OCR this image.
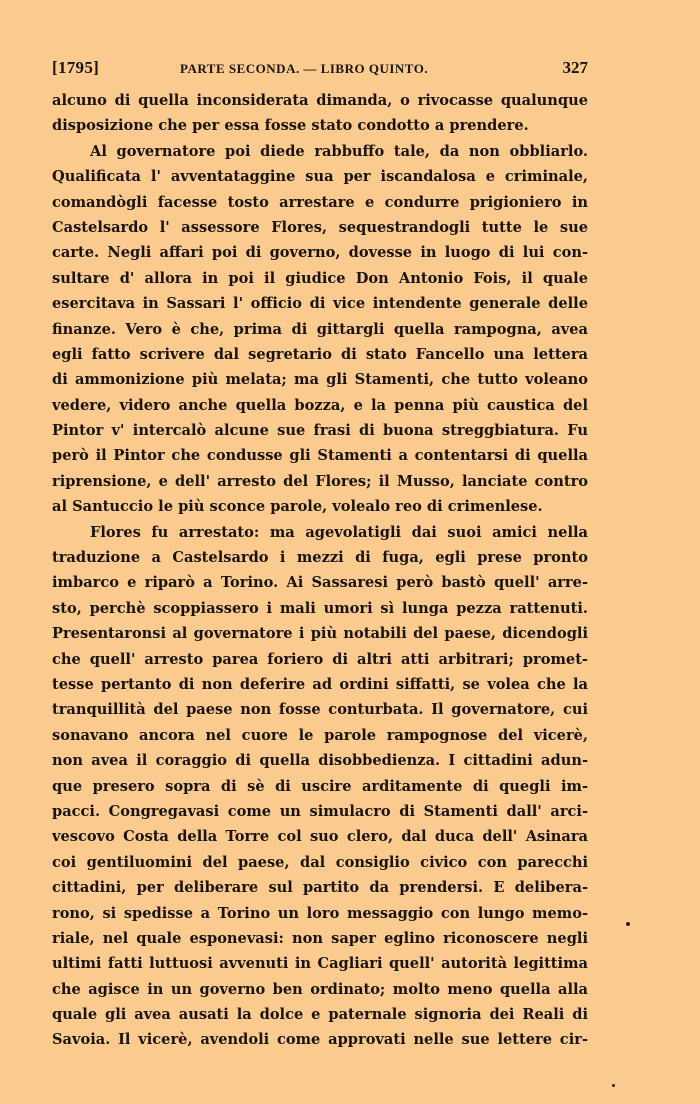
[1795]	PARTE SECONDA. — LIBRO QUINTO.	327
alcuno di quella inconsiderata dimanda, o rivocasse qualunque
disposizione che per essa fosse stato condotto a prendere.
Al governatore poi diede rabbuffo tale, da non obbliarlo.
Qualificata l' avventataggine sua per iscandalosa e criminale,
comandògli facesse tosto arrestare e condurre prigioniero in
Castelsardo l' assessore Flores, sequestrandogli tutte le sue
carte. Negli affari poi di governo, dovesse in luogo di lui con-
sultare d' allora in poi il giudice Don Antonio Fois, il quale
esercitava in Sassari l' officio di vice intendente generale delle
finanze. Vero è che, prima di gittargli quella rampogna, avea
egli fatto scrivere dal segretario di stato Fancello una lettera
di ammonizione più melata; ma gli Stamenti, che tutto voleano
vedere, videro anche quella bozza, e la penna più caustica del
Pintor v' intercalò alcune sue frasi di buona streggbiatura. Fu
però il Pintor che condusse gli Stamenti a contentarsi di quella
riprensione, e dell' arresto del Flores; il Musso, lanciate contro
al Santuccio le più sconce parole, volealo reo di crimenlese.
Flores fu arrestato: ma agevolatigli dai suoi amici nella
traduzione a Castelsardo i mezzi di fuga, egli prese pronto
imbarco e riparò a Torino. Ai Sassaresi però bastò quell' arre-
sto, perchè scoppiassero i mali umori sì lunga pezza rattenuti.
Presentaronsi al governatore i più notabili del paese, dicendogli
che quell' arresto parea foriero di altri atti arbitrari; promet-
tesse pertanto di non deferire ad ordini siffatti, se volea che la
tranquillità del paese non fosse conturbata. Il governatore, cui
sonavano ancora nel cuore le parole rampognose del vicerè,
non avea il coraggio di quella disobbedienza. I cittadini adun-
que presero sopra di sè di uscire arditamente di quegli im-
pacci. Congregavasi come un simulacro di Stamenti dall' arci-
vescovo Costa della Torre col suo clero, dal duca dell' Asinara
coi gentiluomini del paese, dal consiglio civico con parecchi
cittadini, per deliberare sul partito da prendersi. E delibera-
rono, si spedisse a Torino un loro messaggio con lungo memo-
riale, nel quale esponevasi: non saper eglino riconoscere negli
ultimi fatti luttuosi avvenuti in Cagliari quell' autorità legittima
che agisce in un governo ben ordinato; molto meno quella alla
quale gli avea ausati la dolce e paternale signoria dei Reali di
Savoia. Il vicerè, avendoli come approvati nelle sue lettere cir-
